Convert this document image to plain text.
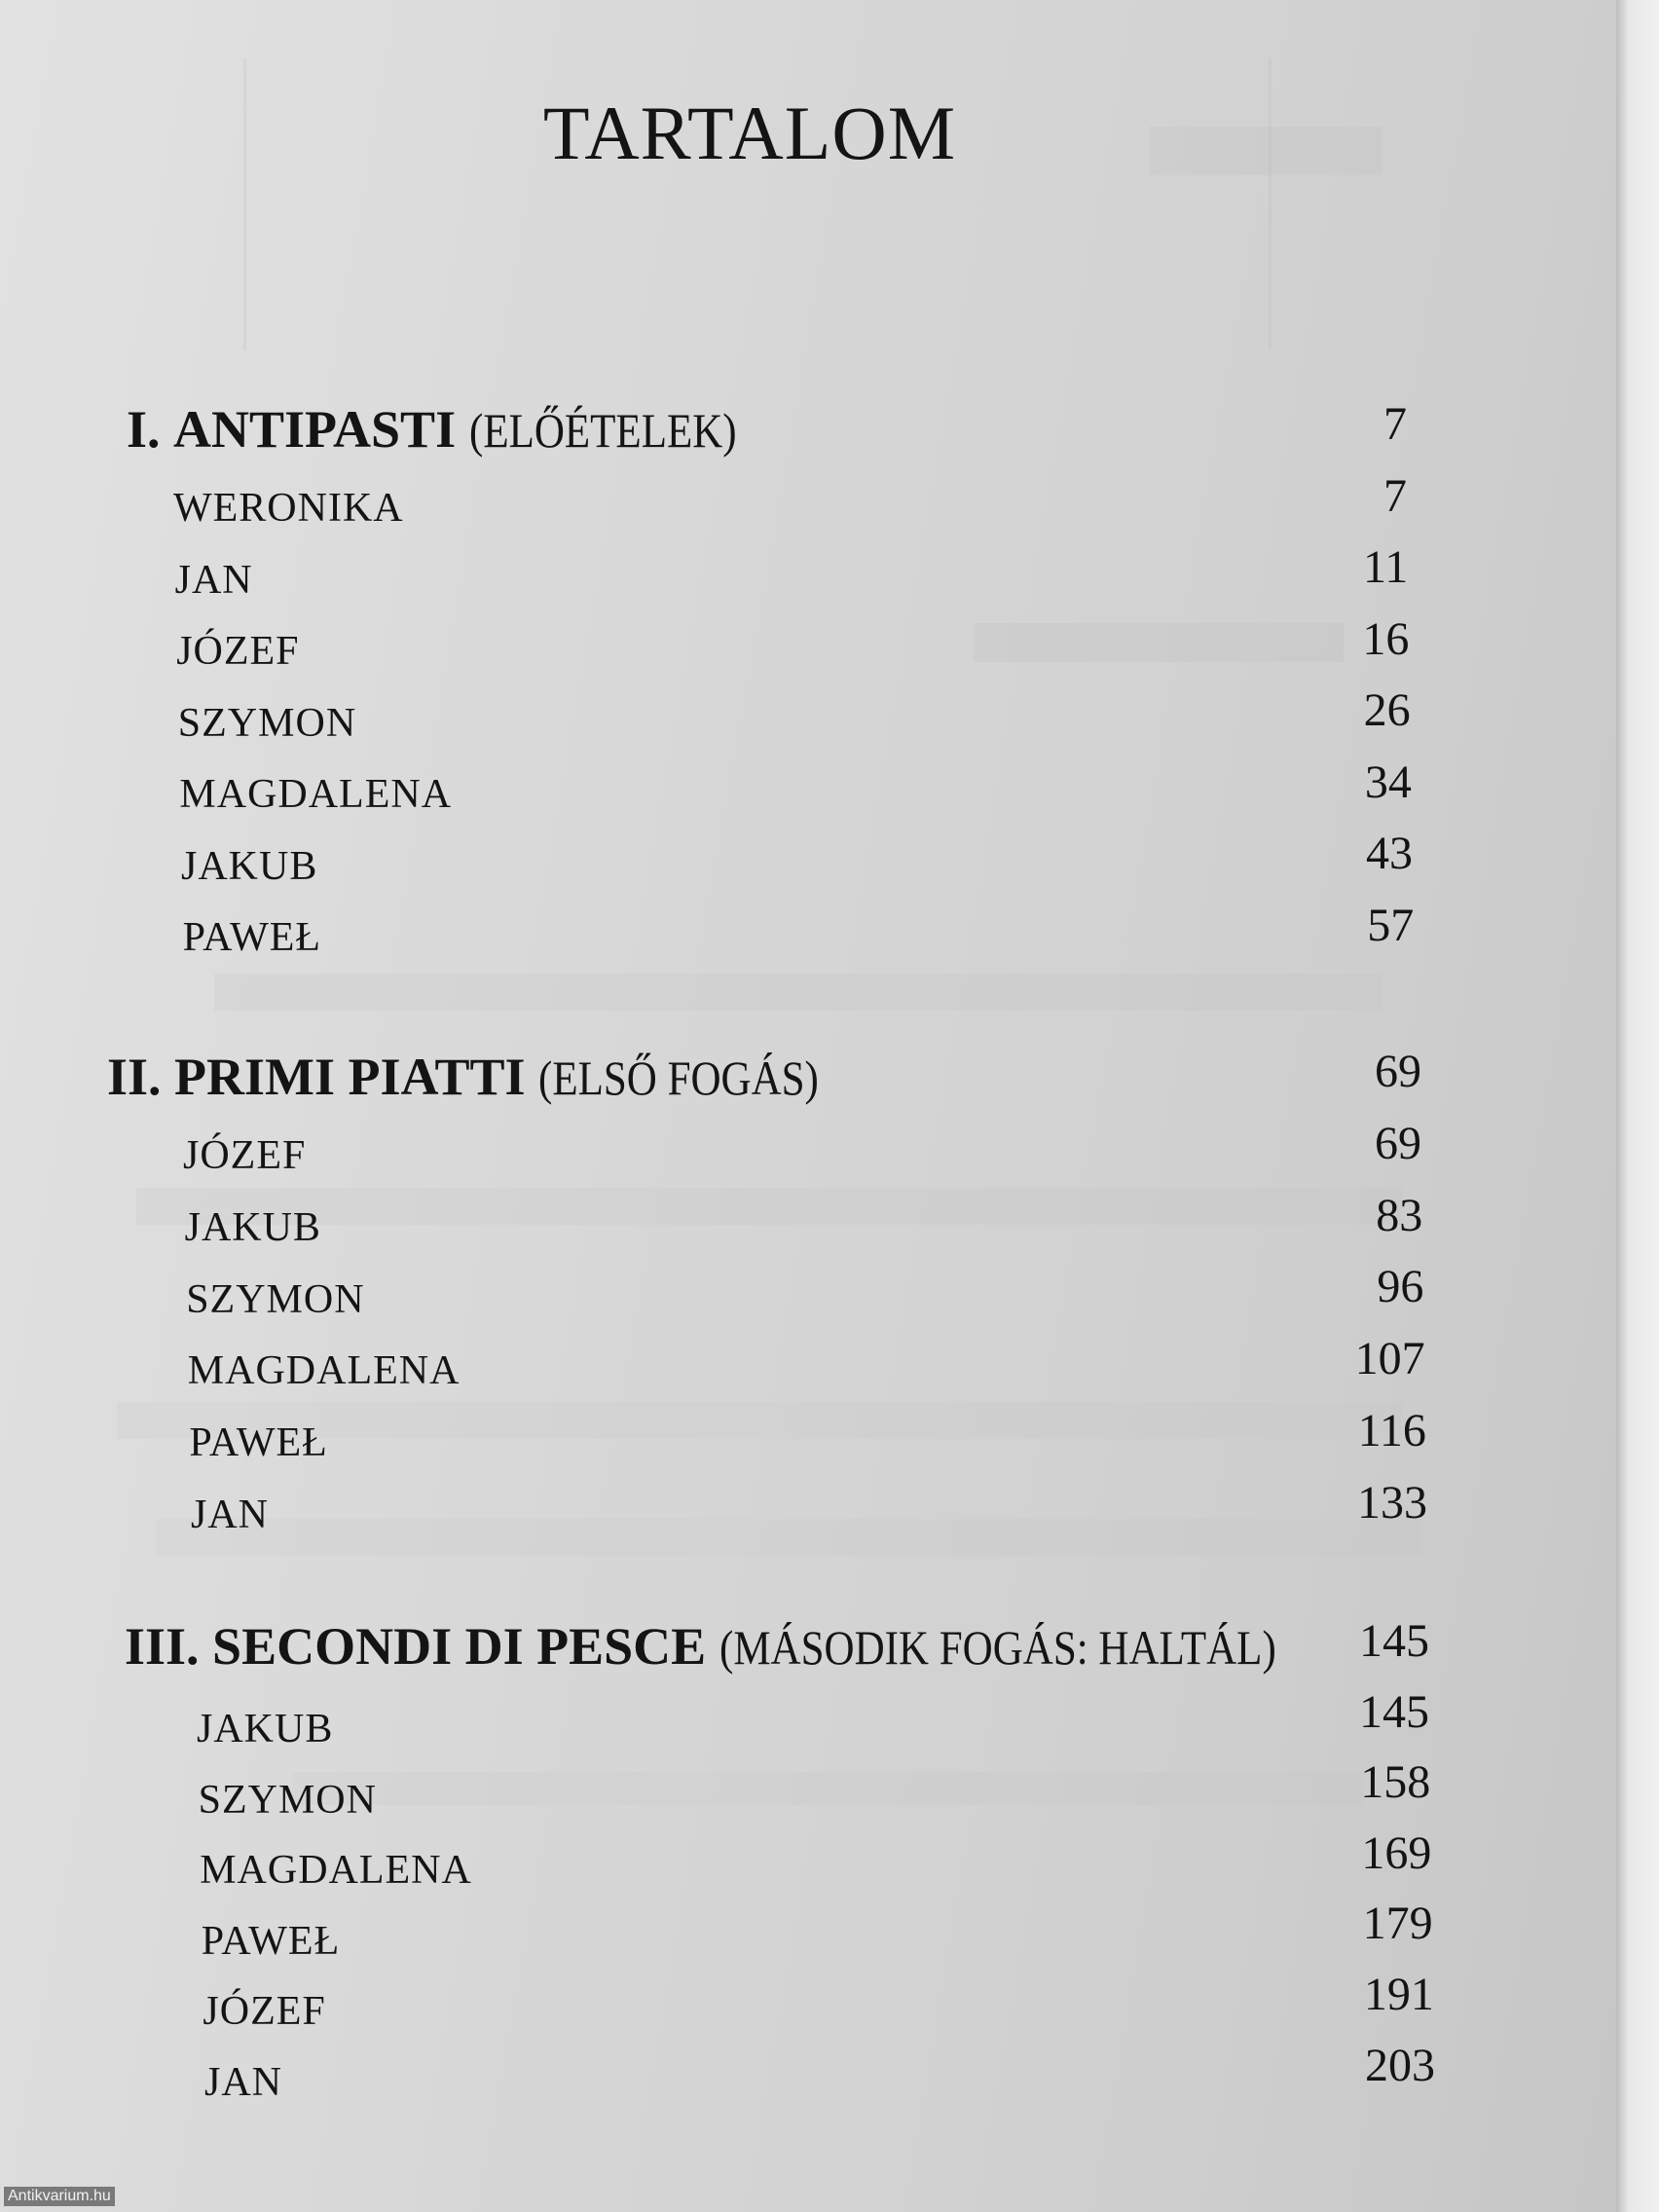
TARTALOM
I. ANTIPASTI (ELŐÉTELEK)	7
WERONIKA	7
JAN	11
JÓZEF	16
SZYMON	26
MAGDALENA	34
JAKUB	43
PAWEŁ	57
II. PRIMI PIATTI (ELSŐ FOGÁS)	69
JÓZEF	69
JAKUB	83
SZYMON	96
MAGDALENA	107
PAWEŁ	116
JAN	133
III. SECONDI DI PESCE (MÁSODIK FOGÁS: HALTÁL)	145
JAKUB	145
SZYMON	158
MAGDALENA	169
PAWEŁ	179
JÓZEF	191
JAN	203
Antikvarium.hu
